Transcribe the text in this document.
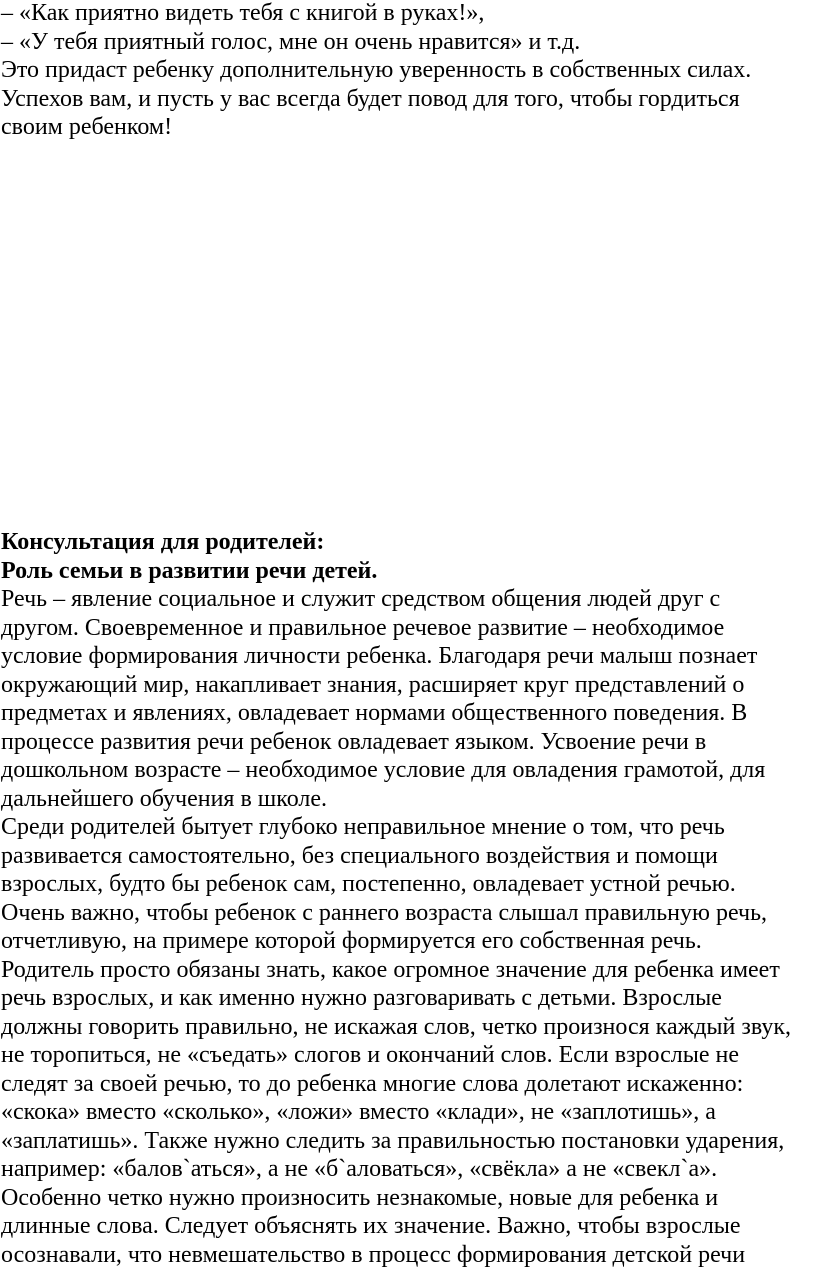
– «Как приятно видеть тебя с книгой в руках!»,
– «У тебя приятный голос, мне он очень нравится» и т.д.
Это придаст ребенку дополнительную уверенность в собственных силах.
Успехов вам, и пусть у вас всегда будет повод для того, чтобы гордиться
своим ребенком!
Консультация для родителей:
Роль семьи в развитии речи детей.
Речь – явление социальное и служит средством общения людей друг с
другом. Своевременное и правильное речевое развитие – необходимое
условие формирования личности ребенка. Благодаря речи малыш познает
окружающий мир, накапливает знания, расширяет круг представлений о
предметах и явлениях, овладевает нормами общественного поведения. В
процессе развития речи ребенок овладевает языком. Усвоение речи в
дошкольном возрасте – необходимое условие для овладения грамотой, для
дальнейшего обучения в школе.
Среди родителей бытует глубоко неправильное мнение о том, что речь
развивается самостоятельно, без специального воздействия и помощи
взрослых, будто бы ребенок сам, постепенно, овладевает устной речью.
Очень важно, чтобы ребенок с раннего возраста слышал правильную речь,
отчетливую, на примере которой формируется его собственная речь.
Родитель просто обязаны знать, какое огромное значение для ребенка имеет
речь взрослых, и как именно нужно разговаривать с детьми. Взрослые
должны говорить правильно, не искажая слов, четко произнося каждый звук,
не торопиться, не «съедать» слогов и окончаний слов. Если взрослые не
следят за своей речью, то до ребенка многие слова долетают искаженно:
«скока» вместо «сколько», «ложи» вместо «клади», не «заплотишь», а
«заплатишь». Также нужно следить за правильностью постановки ударения,
например: «балов`аться», а не «б`аловаться», «свёкла» а не «свекл`а».
Особенно четко нужно произносить незнакомые, новые для ребенка и
длинные слова. Следует объяснять их значение. Важно, чтобы взрослые
осознавали, что невмешательство в процесс формирования детской речи
